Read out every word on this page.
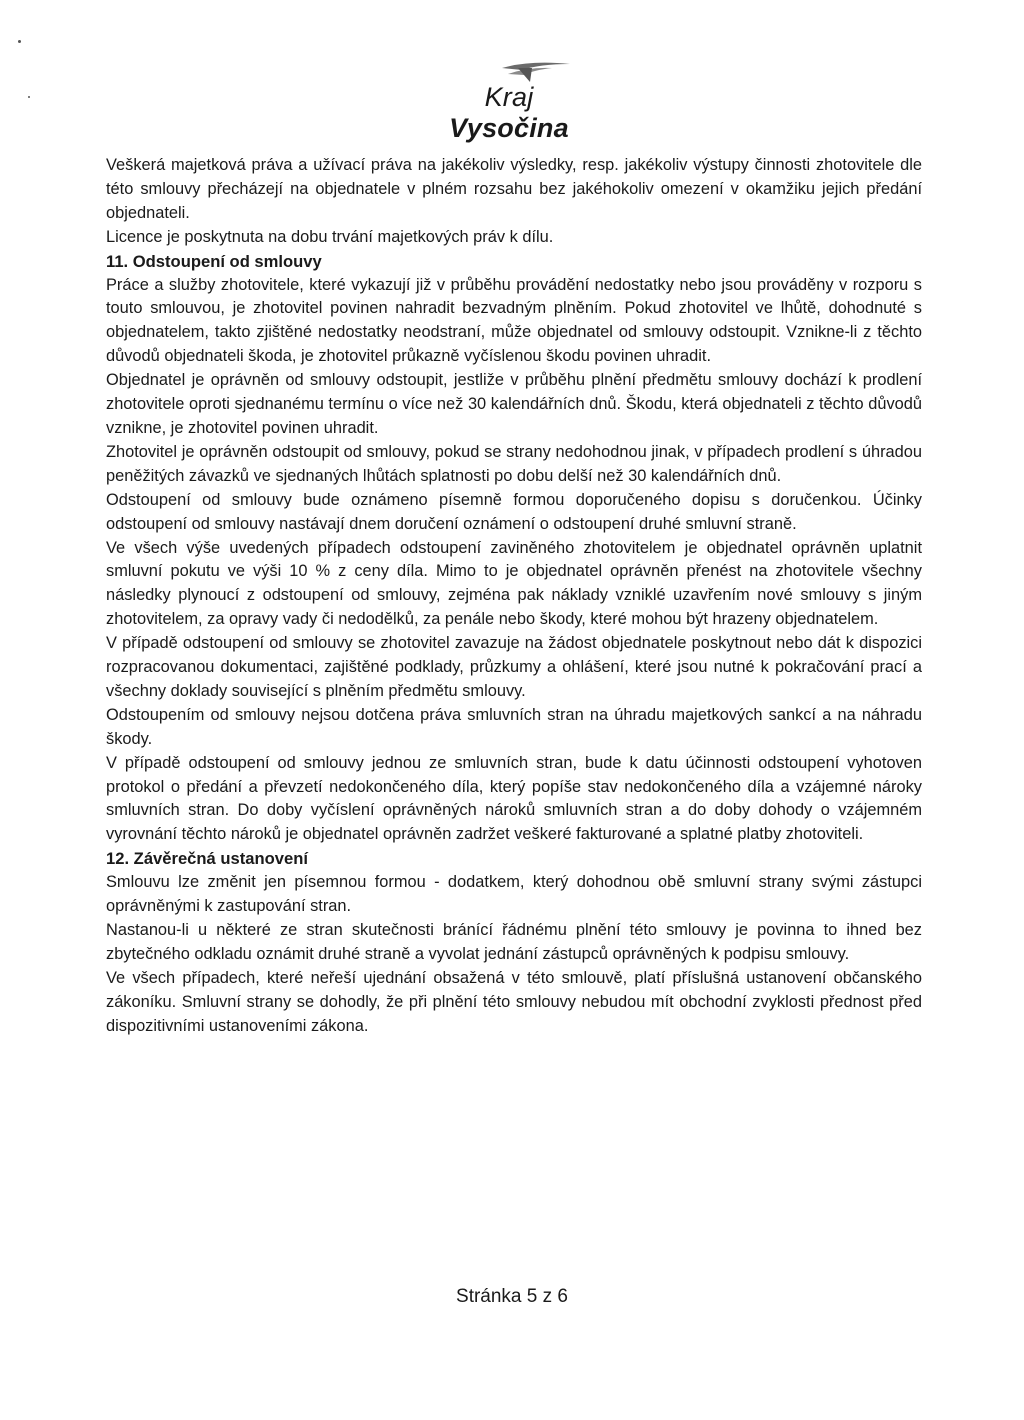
Kraj Vysočina

Veškerá majetková práva a užívací práva na jakékoliv výsledky, resp. jakékoliv výstupy činnosti zhotovitele dle této smlouvy přecházejí na objednatele v plném rozsahu bez jakéhokoliv omezení v okamžiku jejich předání objednateli.

Licence je poskytnuta na dobu trvání majetkových práv k dílu.

11. Odstoupení od smlouvy

Práce a služby zhotovitele, které vykazují již v průběhu provádění nedostatky nebo jsou prováděny v rozporu s touto smlouvou, je zhotovitel povinen nahradit bezvadným plněním. Pokud zhotovitel ve lhůtě, dohodnuté s objednatelem, takto zjištěné nedostatky neodstraní, může objednatel od smlouvy odstoupit. Vznikne-li z těchto důvodů objednateli škoda, je zhotovitel průkazně vyčíslenou škodu povinen uhradit.

Objednatel je oprávněn od smlouvy odstoupit, jestliže v průběhu plnění předmětu smlouvy dochází k prodlení zhotovitele oproti sjednanému termínu o více než 30 kalendářních dnů. Škodu, která objednateli z těchto důvodů vznikne, je zhotovitel povinen uhradit.

Zhotovitel je oprávněn odstoupit od smlouvy, pokud se strany nedohodnou jinak, v případech prodlení s úhradou peněžitých závazků ve sjednaných lhůtách splatnosti po dobu delší než 30 kalendářních dnů.

Odstoupení od smlouvy bude oznámeno písemně formou doporučeného dopisu s doručenkou. Účinky odstoupení od smlouvy nastávají dnem doručení oznámení o odstoupení druhé smluvní straně.

Ve všech výše uvedených případech odstoupení zaviněného zhotovitelem je objednatel oprávněn uplatnit smluvní pokutu ve výši 10 % z ceny díla. Mimo to je objednatel oprávněn přenést na zhotovitele všechny následky plynoucí z odstoupení od smlouvy, zejména pak náklady vzniklé uzavřením nové smlouvy s jiným zhotovitelem, za opravy vady či nedodělků, za penále nebo škody, které mohou být hrazeny objednatelem.

V případě odstoupení od smlouvy se zhotovitel zavazuje na žádost objednatele poskytnout nebo dát k dispozici rozpracovanou dokumentaci, zajištěné podklady, průzkumy a ohlášení, které jsou nutné k pokračování prací a všechny doklady související s plněním předmětu smlouvy.

Odstoupením od smlouvy nejsou dotčena práva smluvních stran na úhradu majetkových sankcí a na náhradu škody.

V případě odstoupení od smlouvy jednou ze smluvních stran, bude k datu účinnosti odstoupení vyhotoven protokol o předání a převzetí nedokončeného díla, který popíše stav nedokončeného díla a vzájemné nároky smluvních stran. Do doby vyčíslení oprávněných nároků smluvních stran a do doby dohody o vzájemném vyrovnání těchto nároků je objednatel oprávněn zadržet veškeré fakturované a splatné platby zhotoviteli.

12. Závěrečná ustanovení

Smlouvu lze změnit jen písemnou formou - dodatkem, který dohodnou obě smluvní strany svými zástupci oprávněnými k zastupování stran.

Nastanou-li u některé ze stran skutečnosti bránící řádnému plnění této smlouvy je povinna to ihned bez zbytečného odkladu oznámit druhé straně a vyvolat jednání zástupců oprávněných k podpisu smlouvy.

Ve všech případech, které neřeší ujednání obsažená v této smlouvě, platí příslušná ustanovení občanského zákoníku. Smluvní strany se dohodly, že při plnění této smlouvy nebudou mít obchodní zvyklosti přednost před dispozitivními ustanoveními zákona.

Stránka 5 z 6
